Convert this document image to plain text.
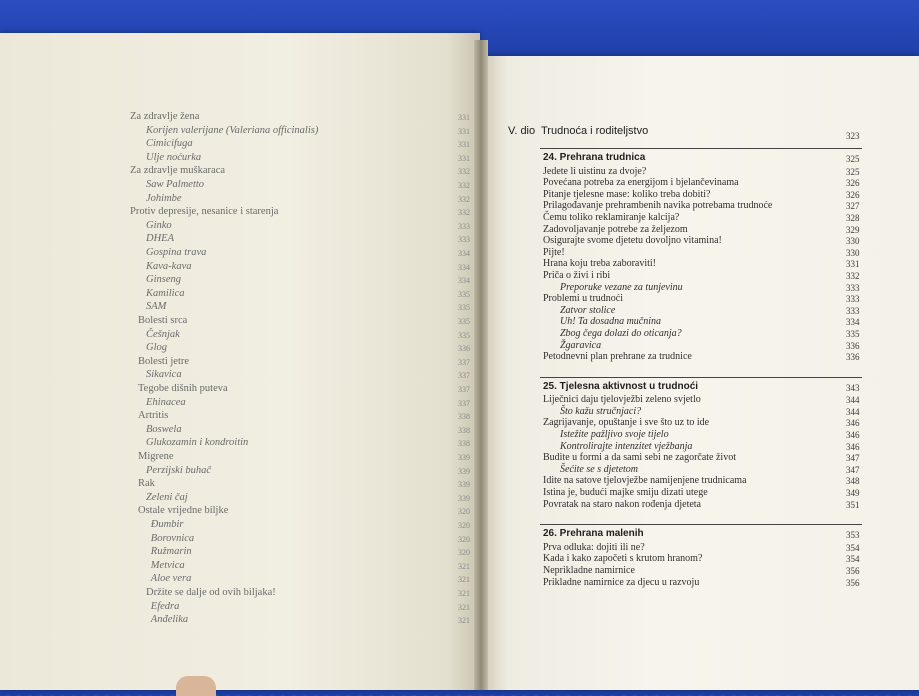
Za zdravlje žena	331
Korijen valerijane (Valeriana officinalis)	331
Cimicifuga	331
Ulje noćurka	331
Za zdravlje muškaraca	332
Saw Palmetto	332
Johimbe	332
Protiv depresije, nesanice i starenja	332
Ginko	333
DHEA	333
Gospina trava	334
Kava-kava	334
Ginseng	334
Kamilica	335
SAM	335
Bolesti srca	335
Češnjak	335
Glog	336
Bolesti jetre	337
Sikavica	337
Tegobe dišnih puteva	337
Ehinacea	337
Artritis	338
Boswela	338
Glukozamin i kondroitin	338
Migrene	339
Perzijski buhač	339
Rak	339
Zeleni čaj	339
Ostale vrijedne biljke	320
Đumbir	320
Borovnica	320
Ružmarin	320
Metvica	321
Aloe vera	321
Držite se dalje od ovih biljaka!	321
Efedra	321
Anđelika	321
V. dio Trudnoća i roditeljstvo	323
24. Prehrana trudnica	325
Jedete li uistinu za dvoje?	325
Povećana potreba za energijom i bjelančevinama	326
Pitanje tjelesne mase: koliko treba dobiti?	326
Prilagođavanje prehrambenih navika potrebama trudnoće	327
Čemu toliko reklamiranje kalcija?	328
Zadovoljavanje potrebe za željezom	329
Osigurajte svome djetetu dovoljno vitamina!	330
Pijte!	330
Hrana koju treba zaboraviti!	331
Priča o živi i ribi	332
Preporuke vezane za tunjevinu	333
Problemi u trudnoći	333
Zatvor stolice	333
Uh! Ta dosadna mučnina	334
Zbog čega dolazi do oticanja?	335
Žgaravica	336
Petodnevni plan prehrane za trudnice	336
25. Tjelesna aktivnost u trudnoći	343
Liječnici daju tjelovježbi zeleno svjetlo	344
Što kažu stručnjaci?	344
Zagrijavanje, opuštanje i sve što uz to ide	346
Istežite pažljivo svoje tijelo	346
Kontrolirajte intenzitet vježbanja	346
Budite u formi a da sami sebi ne zagorčate život	347
Šećite se s djetetom	347
Idite na satove tjelovježbe namijenjene trudnicama	348
Istina je, budući majke smiju dizati utege	349
Povratak na staro nakon rođenja djeteta	351
26. Prehrana malenih	353
Prva odluka: dojiti ili ne?	354
Kada i kako započeti s krutom hranom?	354
Neprikladne namirnice	356
Prikladne namirnice za djecu u razvoju	356
